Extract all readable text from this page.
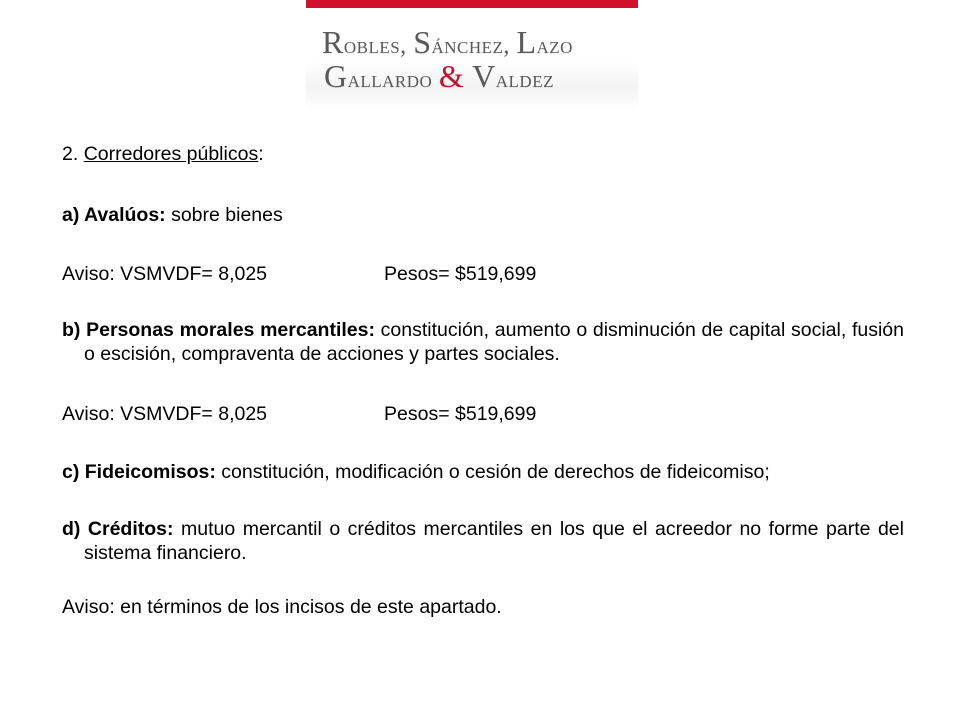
Robles, Sánchez, Lazo
Gallardo & Valdez
2. Corredores públicos:
a) Avalúos: sobre bienes
Aviso: VSMVDF= 8,025	Pesos= $519,699
b) Personas morales mercantiles: constitución, aumento o disminución de capital social, fusión o escisión, compraventa de acciones y partes sociales.
Aviso: VSMVDF= 8,025	Pesos= $519,699
c) Fideicomisos: constitución, modificación o cesión de derechos de fideicomiso;
d) Créditos: mutuo mercantil o créditos mercantiles en los que el acreedor no forme parte del sistema financiero.
Aviso: en términos de los incisos de este apartado.
